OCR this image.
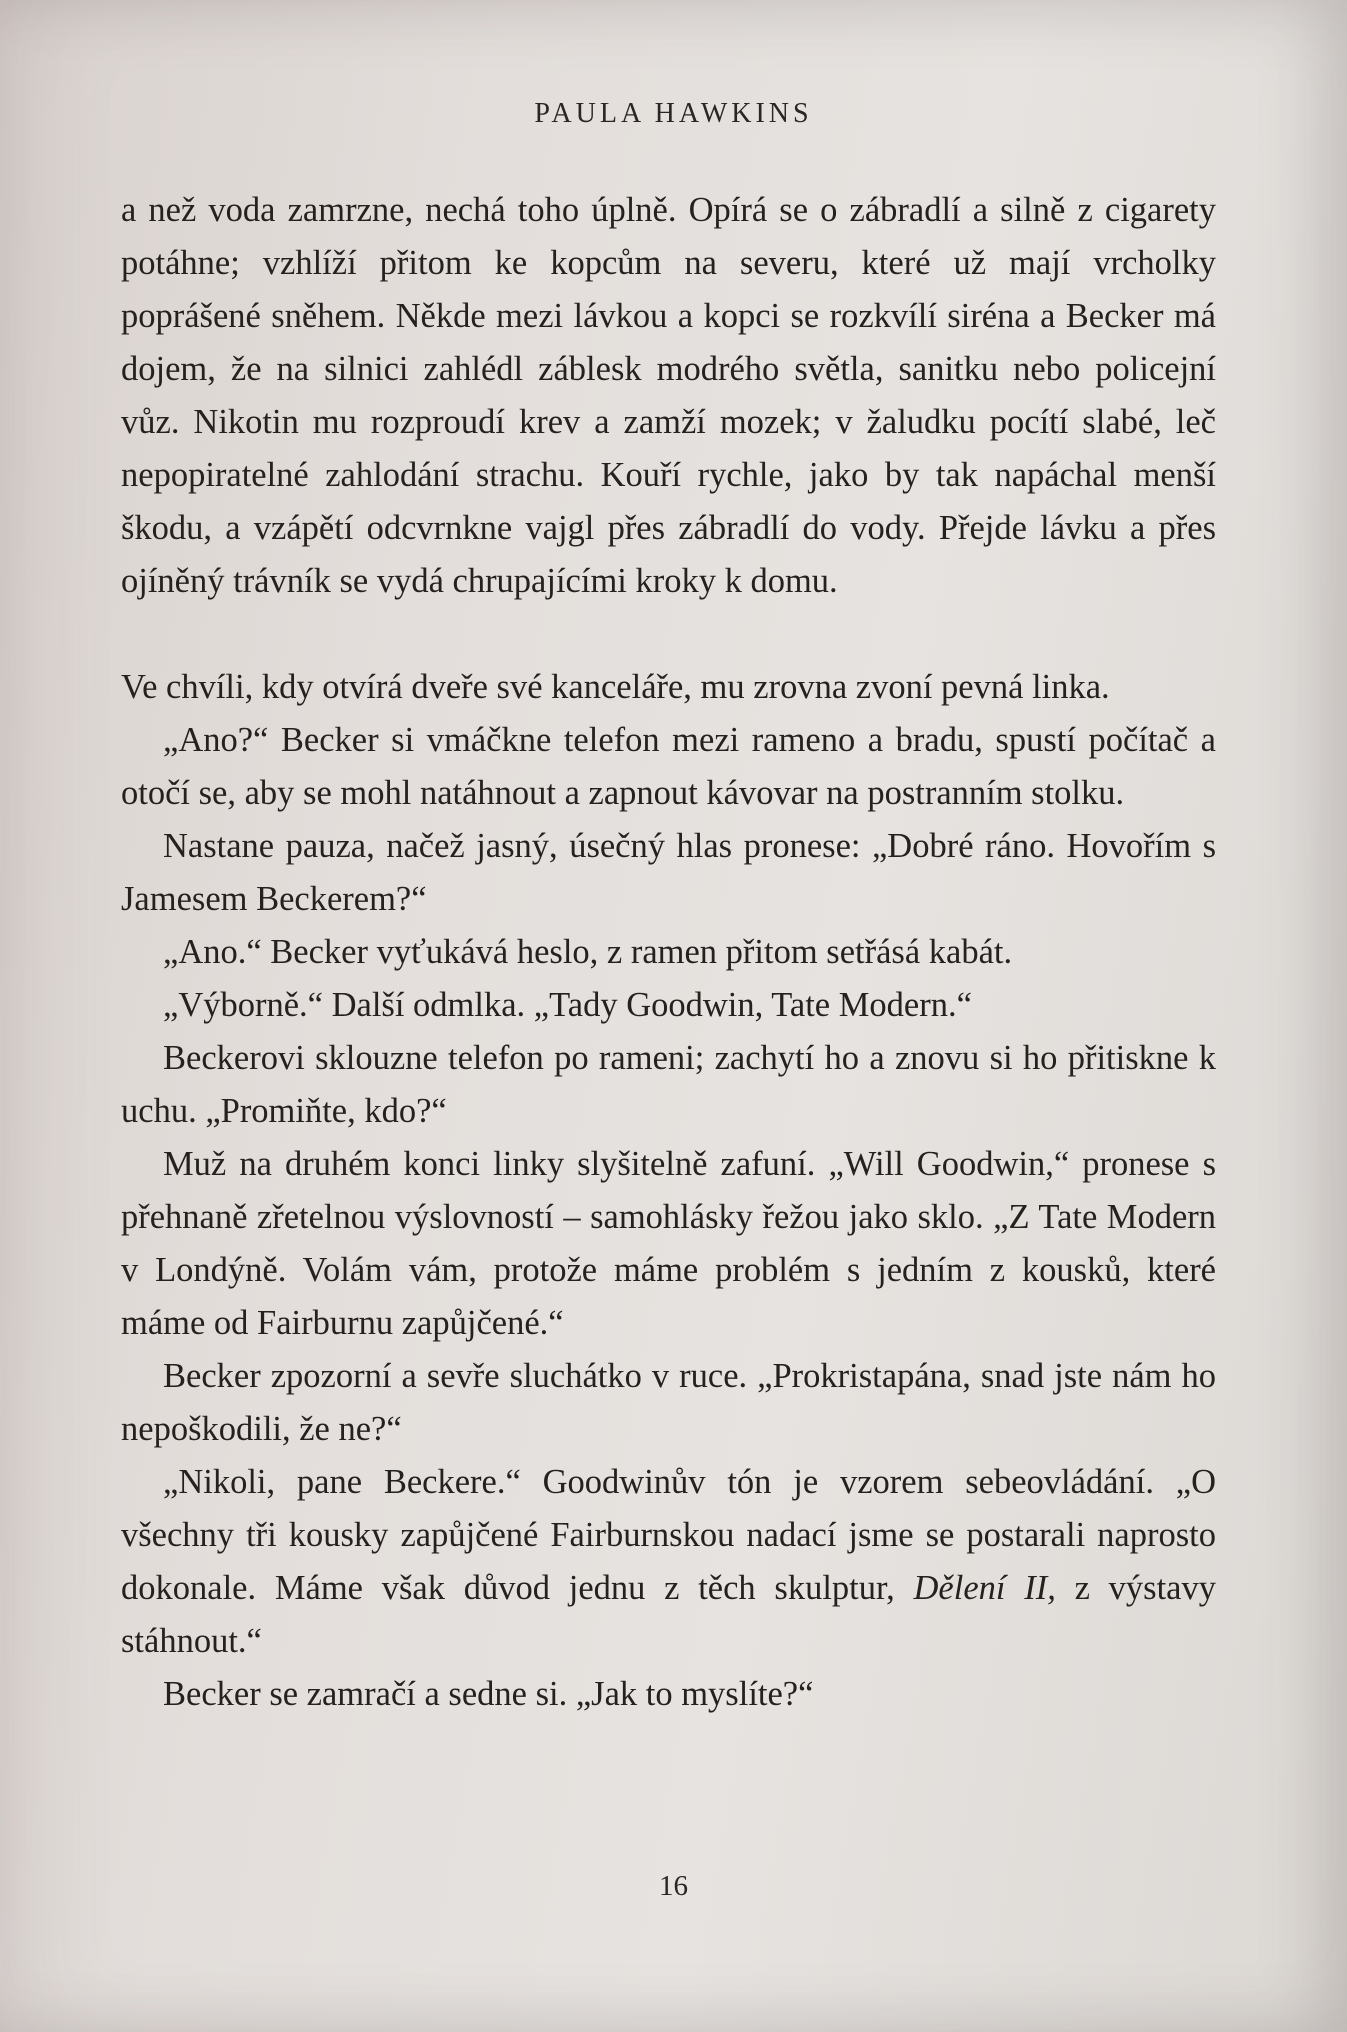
PAULA HAWKINS

a než voda zamrzne, nechá toho úplně. Opírá se o zábradlí a silně z cigarety potáhne; vzhlíží přitom ke kopcům na severu, které už mají vrcholky poprášené sněhem. Někde mezi lávkou a kopci se rozkvílí siréna a Becker má dojem, že na silnici zahlédl záblesk modrého světla, sanitku nebo policejní vůz. Nikotin mu rozproudí krev a zamží mozek; v žaludku pocítí slabé, leč nepopiratelné zahlodání strachu. Kouří rychle, jako by tak napáchal menší škodu, a vzápětí odcvrnkne vajgl přes zábradlí do vody. Přejde lávku a přes ojíněný trávník se vydá chrupajícími kroky k domu.

Ve chvíli, kdy otvírá dveře své kanceláře, mu zrovna zvoní pevná linka.

„Ano?“ Becker si vmáčkne telefon mezi rameno a bradu, spustí počítač a otočí se, aby se mohl natáhnout a zapnout kávovar na postranním stolku.

Nastane pauza, načež jasný, úsečný hlas pronese: „Dobré ráno. Hovořím s Jamesem Beckerem?“

„Ano.“ Becker vyťukává heslo, z ramen přitom setřásá kabát.

„Výborně.“ Další odmlka. „Tady Goodwin, Tate Modern.“

Beckerovi sklouzne telefon po rameni; zachytí ho a znovu si ho přitiskne k uchu. „Promiňte, kdo?“

Muž na druhém konci linky slyšitelně zafuní. „Will Goodwin,“ pronese s přehnaně zřetelnou výslovností – samohlásky řežou jako sklo. „Z Tate Modern v Londýně. Volám vám, protože máme problém s jedním z kousků, které máme od Fairburnu zapůjčené.“

Becker zpozorní a sevře sluchátko v ruce. „Prokristapána, snad jste nám ho nepoškodili, že ne?“

„Nikoli, pane Beckere.“ Goodwinův tón je vzorem sebeovládání. „O všechny tři kousky zapůjčené Fairburnskou nadací jsme se postarali naprosto dokonale. Máme však důvod jednu z těch skulptur, Dělení II, z výstavy stáhnout.“

Becker se zamračí a sedne si. „Jak to myslíte?“

16
